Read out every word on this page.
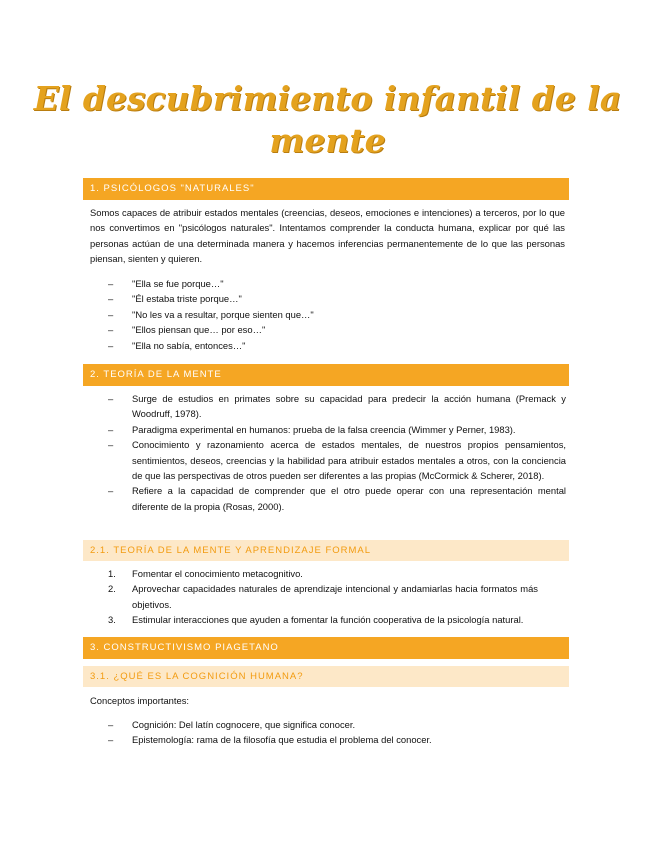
El descubrimiento infantil de la
mente
1. PSICÓLOGOS "NATURALES"
Somos capaces de atribuir estados mentales (creencias, deseos, emociones e intenciones) a terceros, por lo que nos convertimos en "psicólogos naturales". Intentamos comprender la conducta humana, explicar por qué las personas actúan de una determinada manera y hacemos inferencias permanentemente de lo que las personas piensan, sienten y quieren.
–	"Ella se fue porque…"
–	"Él estaba triste porque…"
–	"No les va a resultar, porque sienten que…"
–	"Ellos piensan que… por eso…"
–	"Ella no sabía, entonces…"
2. TEORÍA DE LA MENTE
–	Surge de estudios en primates sobre su capacidad para predecir la acción humana (Premack y Woodruff, 1978).
–	Paradigma experimental en humanos: prueba de la falsa creencia (Wimmer y Perner, 1983).
–	Conocimiento y razonamiento acerca de estados mentales, de nuestros propios pensamientos, sentimientos, deseos, creencias y la habilidad para atribuir estados mentales a otros, con la conciencia de que las perspectivas de otros pueden ser diferentes a las propias (McCormick & Scherer, 2018).
–	Refiere a la capacidad de comprender que el otro puede operar con una representación mental diferente de la propia (Rosas, 2000).
2.1. TEORÍA DE LA MENTE Y APRENDIZAJE FORMAL
1.	Fomentar el conocimiento metacognitivo.
2.	Aprovechar capacidades naturales de aprendizaje intencional y andamiarlas hacia formatos más objetivos.
3.	Estimular interacciones que ayuden a fomentar la función cooperativa de la psicología natural.
3. CONSTRUCTIVISMO PIAGETANO
3.1. ¿QUÉ ES LA COGNICIÓN HUMANA?
Conceptos importantes:
–	Cognición: Del latín cognocere, que significa conocer.
–	Epistemología: rama de la filosofía que estudia el problema del conocer.
